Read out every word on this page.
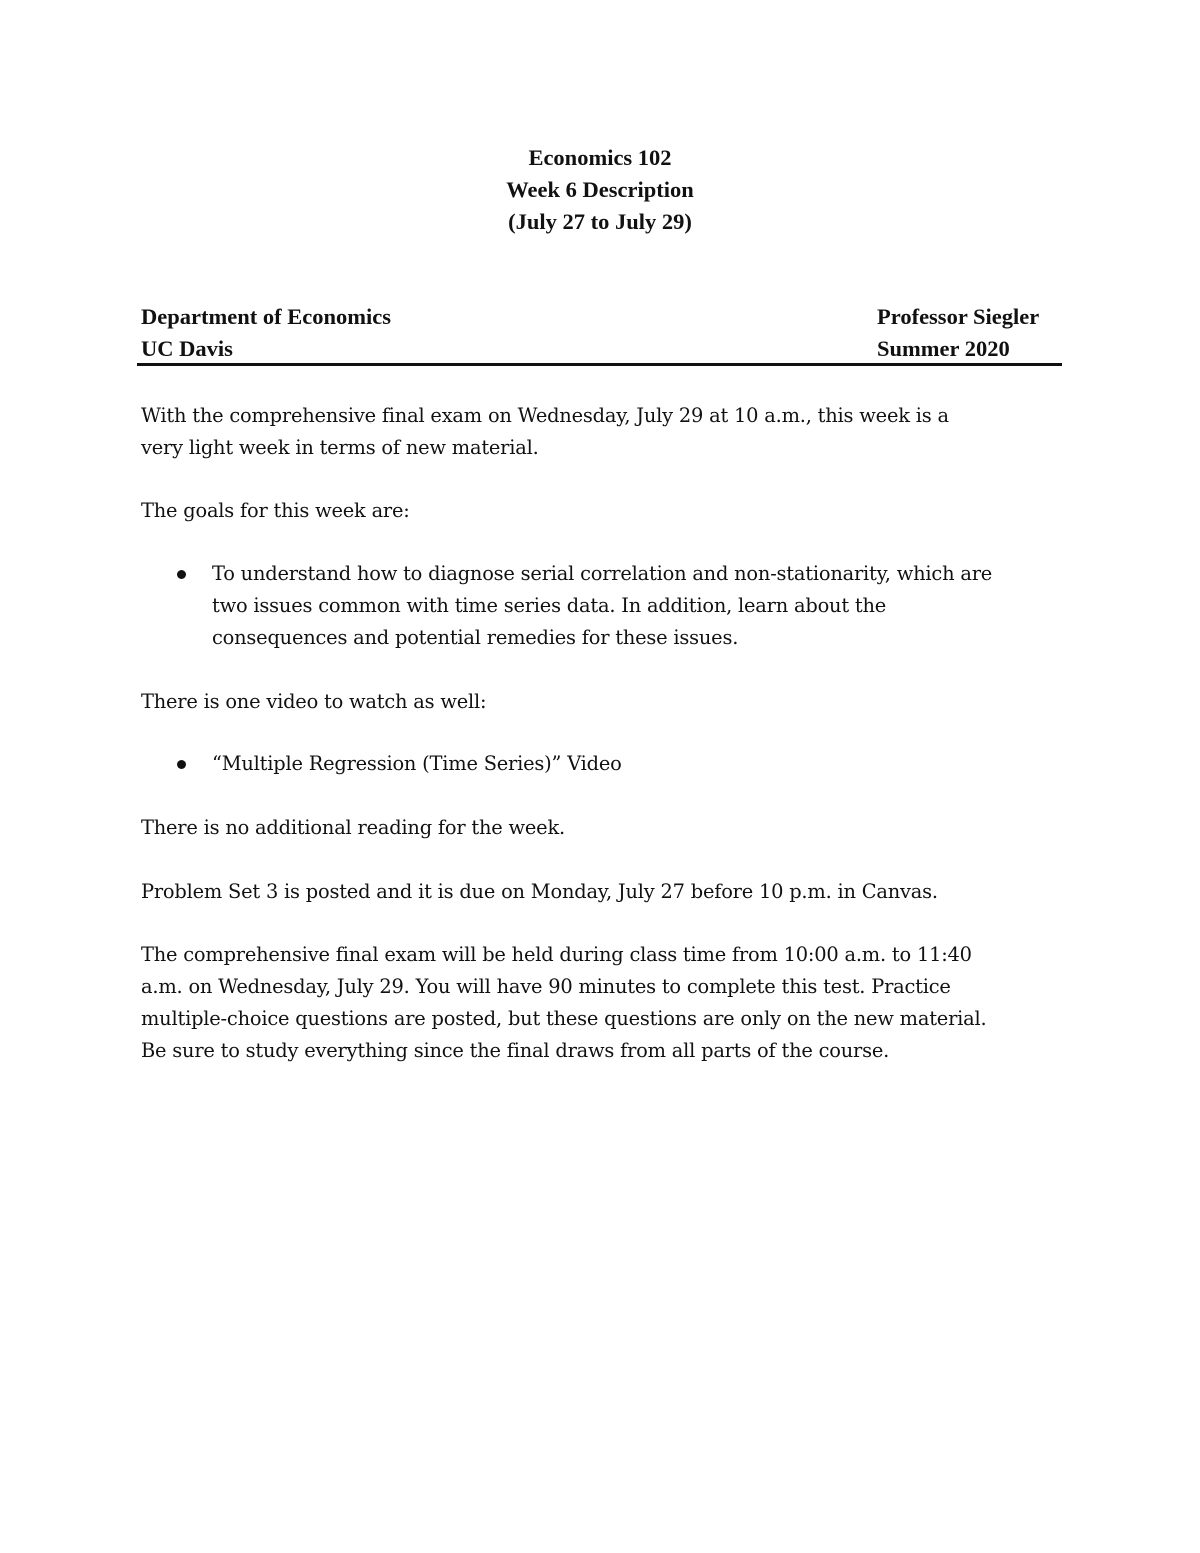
Economics 102
Week 6 Description
(July 27 to July 29)
Department of Economics	Professor Siegler
UC Davis	Summer 2020
With the comprehensive final exam on Wednesday, July 29 at 10 a.m., this week is a
very light week in terms of new material.
The goals for this week are:
To understand how to diagnose serial correlation and non-stationarity, which are
two issues common with time series data. In addition, learn about the
consequences and potential remedies for these issues.
There is one video to watch as well:
“Multiple Regression (Time Series)” Video
There is no additional reading for the week.
Problem Set 3 is posted and it is due on Monday, July 27 before 10 p.m. in Canvas.
The comprehensive final exam will be held during class time from 10:00 a.m. to 11:40
a.m. on Wednesday, July 29. You will have 90 minutes to complete this test. Practice
multiple-choice questions are posted, but these questions are only on the new material.
Be sure to study everything since the final draws from all parts of the course.
